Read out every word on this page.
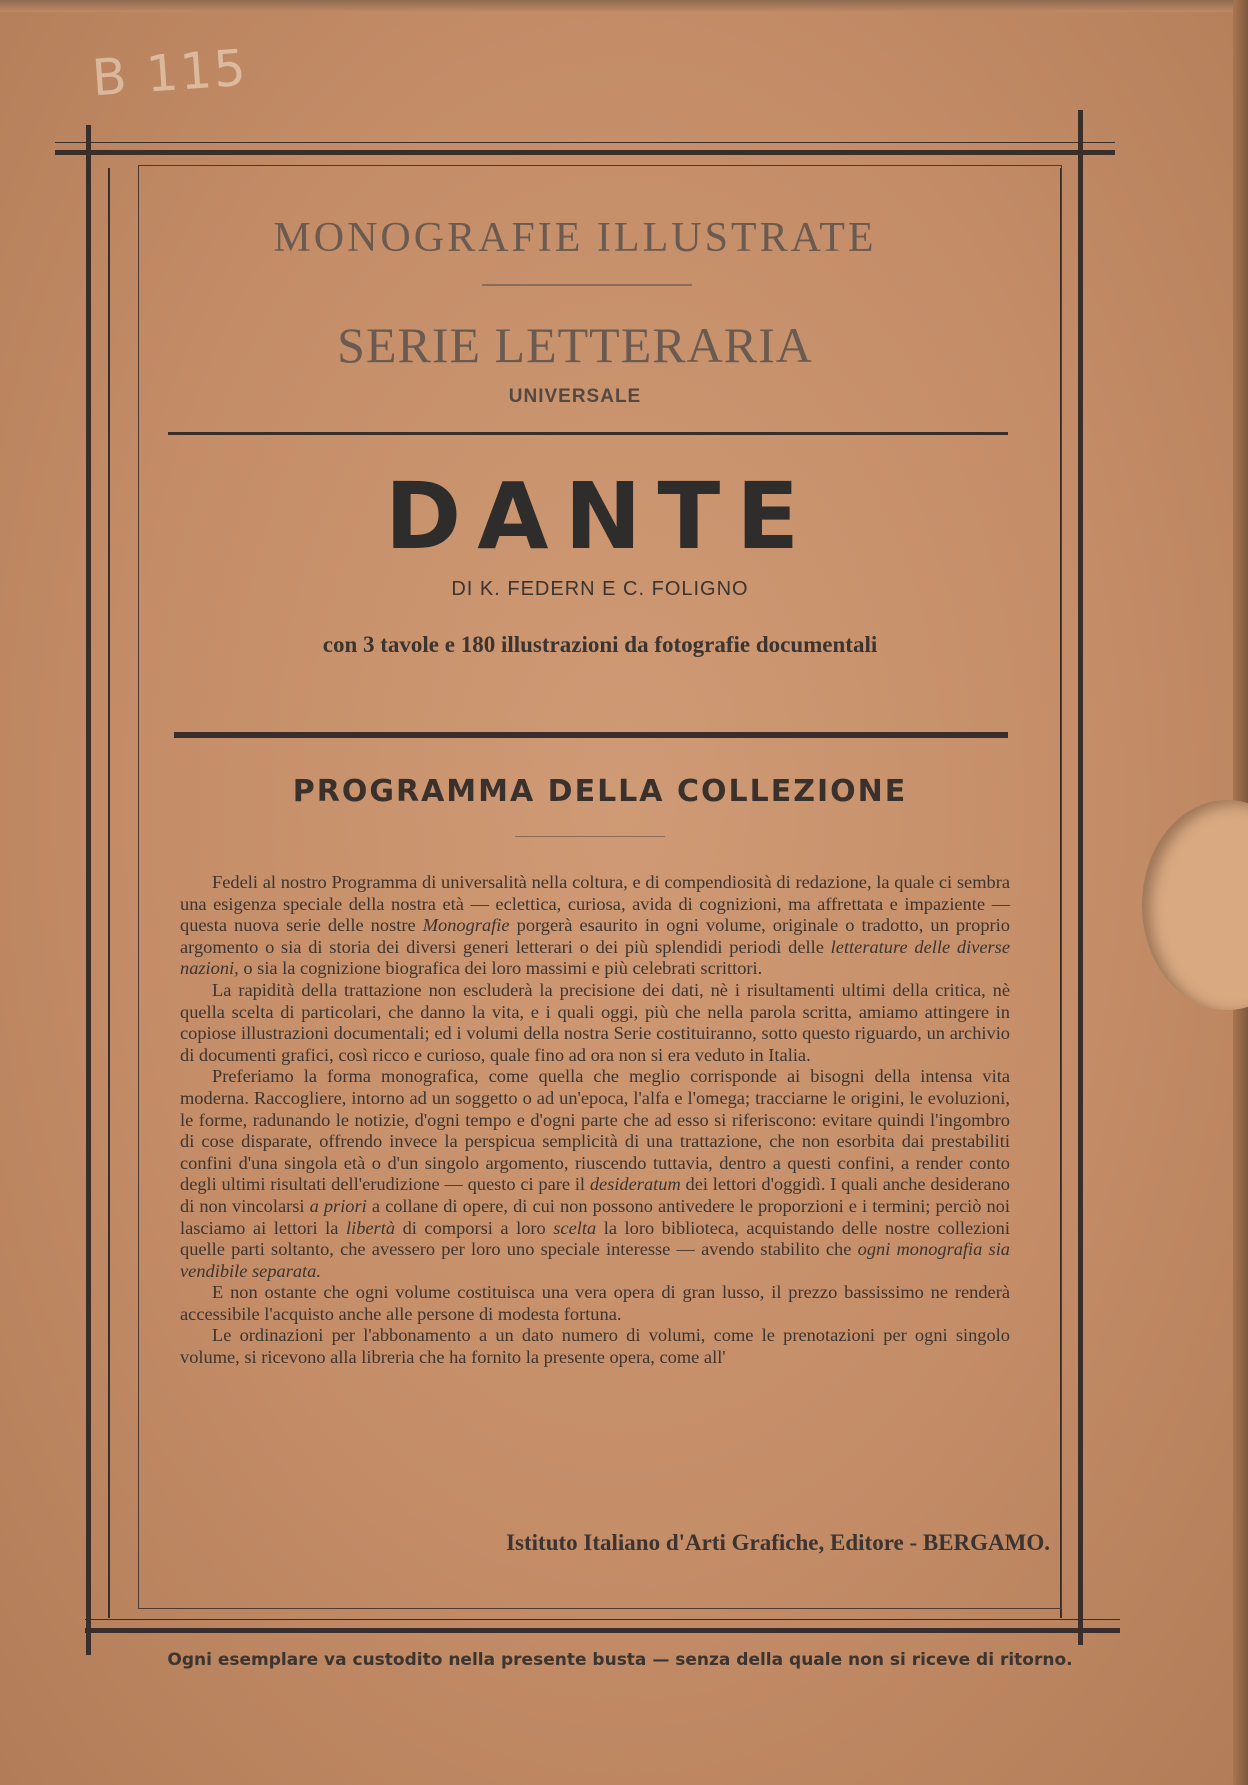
B 115
MONOGRAFIE ILLUSTRATE
SERIE LETTERARIA
UNIVERSALE
DANTE
DI K. FEDERN E C. FOLIGNO
con 3 tavole e 180 illustrazioni da fotografie documentali
PROGRAMMA DELLA COLLEZIONE

Fedeli al nostro Programma di universalità nella coltura, e di compendiosità di redazione, la quale ci sembra una esigenza speciale della nostra età — eclettica, curiosa, avida di cognizioni, ma affrettata e impaziente — questa nuova serie delle nostre Monografie porgerà esaurito in ogni volume, originale o tradotto, un proprio argomento o sia di storia dei diversi generi letterari o dei più splendidi periodi delle letterature delle diverse nazioni, o sia la cognizione biografica dei loro massimi e più celebrati scrittori.

La rapidità della trattazione non escluderà la precisione dei dati, nè i risultamenti ultimi della critica, nè quella scelta di particolari, che danno la vita, e i quali oggi, più che nella parola scritta, amiamo attingere in copiose illustrazioni documentali; ed i volumi della nostra Serie costituiranno, sotto questo riguardo, un archivio di documenti grafici, così ricco e curioso, quale fino ad ora non si era veduto in Italia.

Preferiamo la forma monografica, come quella che meglio corrisponde ai bisogni della intensa vita moderna. Raccogliere, intorno ad un soggetto o ad un'epoca, l'alfa e l'omega; tracciarne le origini, le evoluzioni, le forme, radunando le notizie, d'ogni tempo e d'ogni parte che ad esso si riferiscono: evitare quindi l'ingombro di cose disparate, offrendo invece la perspicua semplicità di una trattazione, che non esorbita dai prestabiliti confini d'una singola età o d'un singolo argomento, riuscendo tuttavia, dentro a questi confini, a render conto degli ultimi risultati dell'erudizione — questo ci pare il desideratum dei lettori d'oggidì. I quali anche desiderano di non vincolarsi a priori a collane di opere, di cui non possono antivedere le proporzioni e i termini; perciò noi lasciamo ai lettori la libertà di comporsi a loro scelta la loro biblioteca, acquistando delle nostre collezioni quelle parti soltanto, che avessero per loro uno speciale interesse — avendo stabilito che ogni monografia sia vendibile separata.

E non ostante che ogni volume costituisca una vera opera di gran lusso, il prezzo bassissimo ne renderà accessibile l'acquisto anche alle persone di modesta fortuna.

Le ordinazioni per l'abbonamento a un dato numero di volumi, come le prenotazioni per ogni singolo volume, si ricevono alla libreria che ha fornito la presente opera, come all'

Istituto Italiano d'Arti Grafiche, Editore - BERGAMO.
Ogni esemplare va custodito nella presente busta — senza della quale non si riceve di ritorno.
